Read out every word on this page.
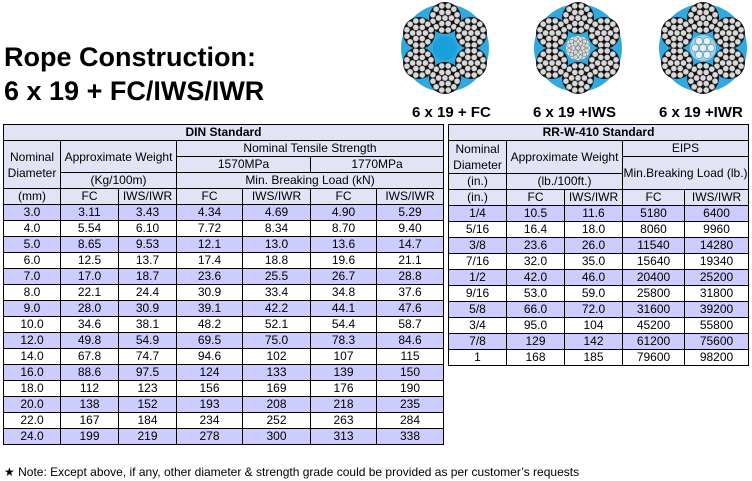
Rope Construction:
6 x 19 + FC/IWS/IWR
6 x 19 + FC	6 x 19 +IWS	6 x 19 +IWR
DIN Standard						
Nominal Diameter	Approximate Weight		Nominal Tensile Strength			
			1570MPa		1770MPa	
	(Kg/100m)		Min. Breaking Load (kN)			
(mm)	FC	IWS/IWR	FC	IWS/IWR	FC	IWS/IWR
3.0	3.11	3.43	4.34	4.69	4.90	5.29
4.0	5.54	6.10	7.72	8.34	8.70	9.40
5.0	8.65	9.53	12.1	13.0	13.6	14.7
6.0	12.5	13.7	17.4	18.8	19.6	21.1
7.0	17.0	18.7	23.6	25.5	26.7	28.8
8.0	22.1	24.4	30.9	33.4	34.8	37.6
9.0	28.0	30.9	39.1	42.2	44.1	47.6
10.0	34.6	38.1	48.2	52.1	54.4	58.7
12.0	49.8	54.9	69.5	75.0	78.3	84.6
14.0	67.8	74.7	94.6	102	107	115
16.0	88.6	97.5	124	133	139	150
18.0	112	123	156	169	176	190
20.0	138	152	193	208	218	235
22.0	167	184	234	252	263	284
24.0	199	219	278	300	313	338
RR-W-410 Standard				
Nominal Diameter	Approximate Weight		EIPS	
			Min.Breaking Load (lb.)	
(in.)	(lb./100ft.)			
(in.)	FC	IWS/IWR	FC	IWS/IWR
1/4	10.5	11.6	5180	6400
5/16	16.4	18.0	8060	9960
3/8	23.6	26.0	11540	14280
7/16	32.0	35.0	15640	19340
1/2	42.0	46.0	20400	25200
9/16	53.0	59.0	25800	31800
5/8	66.0	72.0	31600	39200
3/4	95.0	104	45200	55800
7/8	129	142	61200	75600
1	168	185	79600	98200
★ Note: Except above, if any, other diameter & strength grade could be provided as per customer’s requests
